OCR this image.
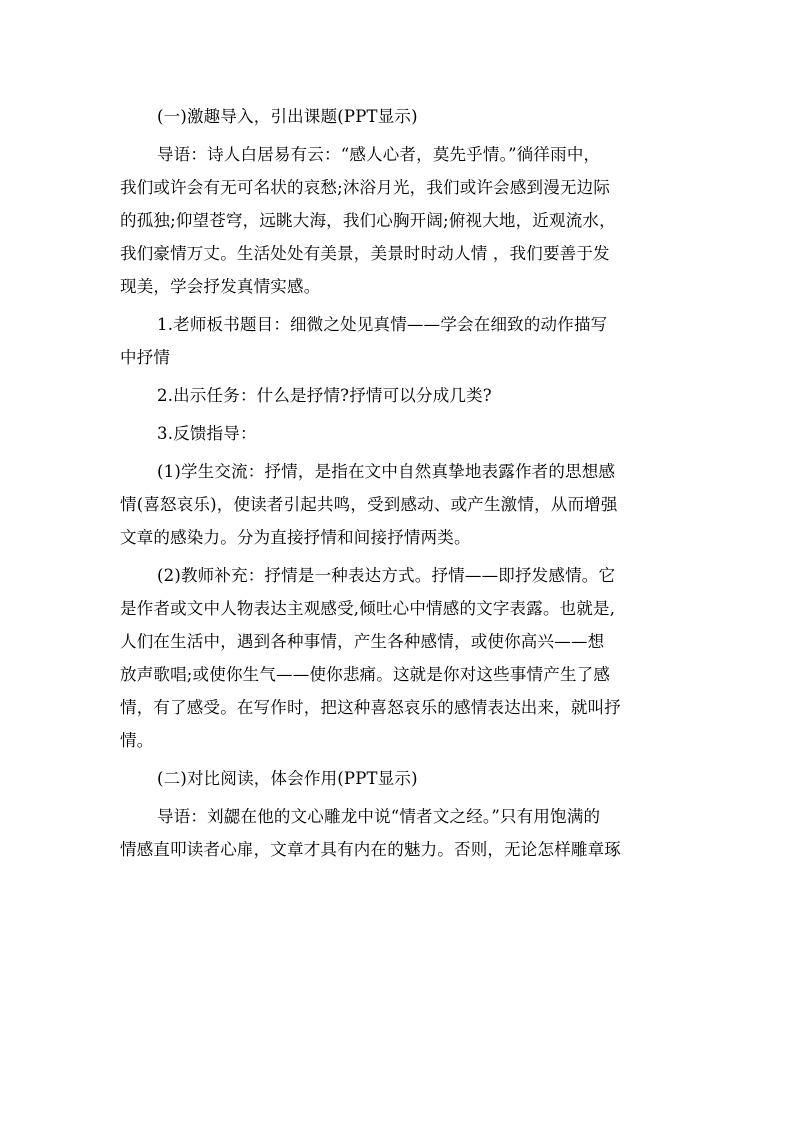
(一)激趣导入，引出课题(PPT显示)
导语：诗人白居易有云：“感人心者，莫先乎情。”徜徉雨中，
我们或许会有无可名状的哀愁;沐浴月光，我们或许会感到漫无边际
的孤独;仰望苍穹，远眺大海，我们心胸开阔;俯视大地，近观流水，
我们豪情万丈。生活处处有美景，美景时时动人情 ，我们要善于发
现美，学会抒发真情实感。
1.老师板书题目：细微之处见真情——学会在细致的动作描写
中抒情
2.出示任务：什么是抒情?抒情可以分成几类?
3.反馈指导：
(1)学生交流：抒情，是指在文中自然真挚地表露作者的思想感
情(喜怒哀乐)，使读者引起共鸣，受到感动、或产生激情，从而增强
文章的感染力。分为直接抒情和间接抒情两类。
(2)教师补充：抒情是一种表达方式。抒情——即抒发感情。它
是作者或文中人物表达主观感受,倾吐心中情感的文字表露。也就是,
人们在生活中，遇到各种事情，产生各种感情，或使你高兴——想
放声歌唱;或使你生气——使你悲痛。这就是你对这些事情产生了感
情，有了感受。在写作时，把这种喜怒哀乐的感情表达出来，就叫抒
情。
(二)对比阅读，体会作用(PPT显示)
导语：刘勰在他的文心雕龙中说“情者文之经。”只有用饱满的
情感直叩读者心扉，文章才具有内在的魅力。否则，无论怎样雕章琢
